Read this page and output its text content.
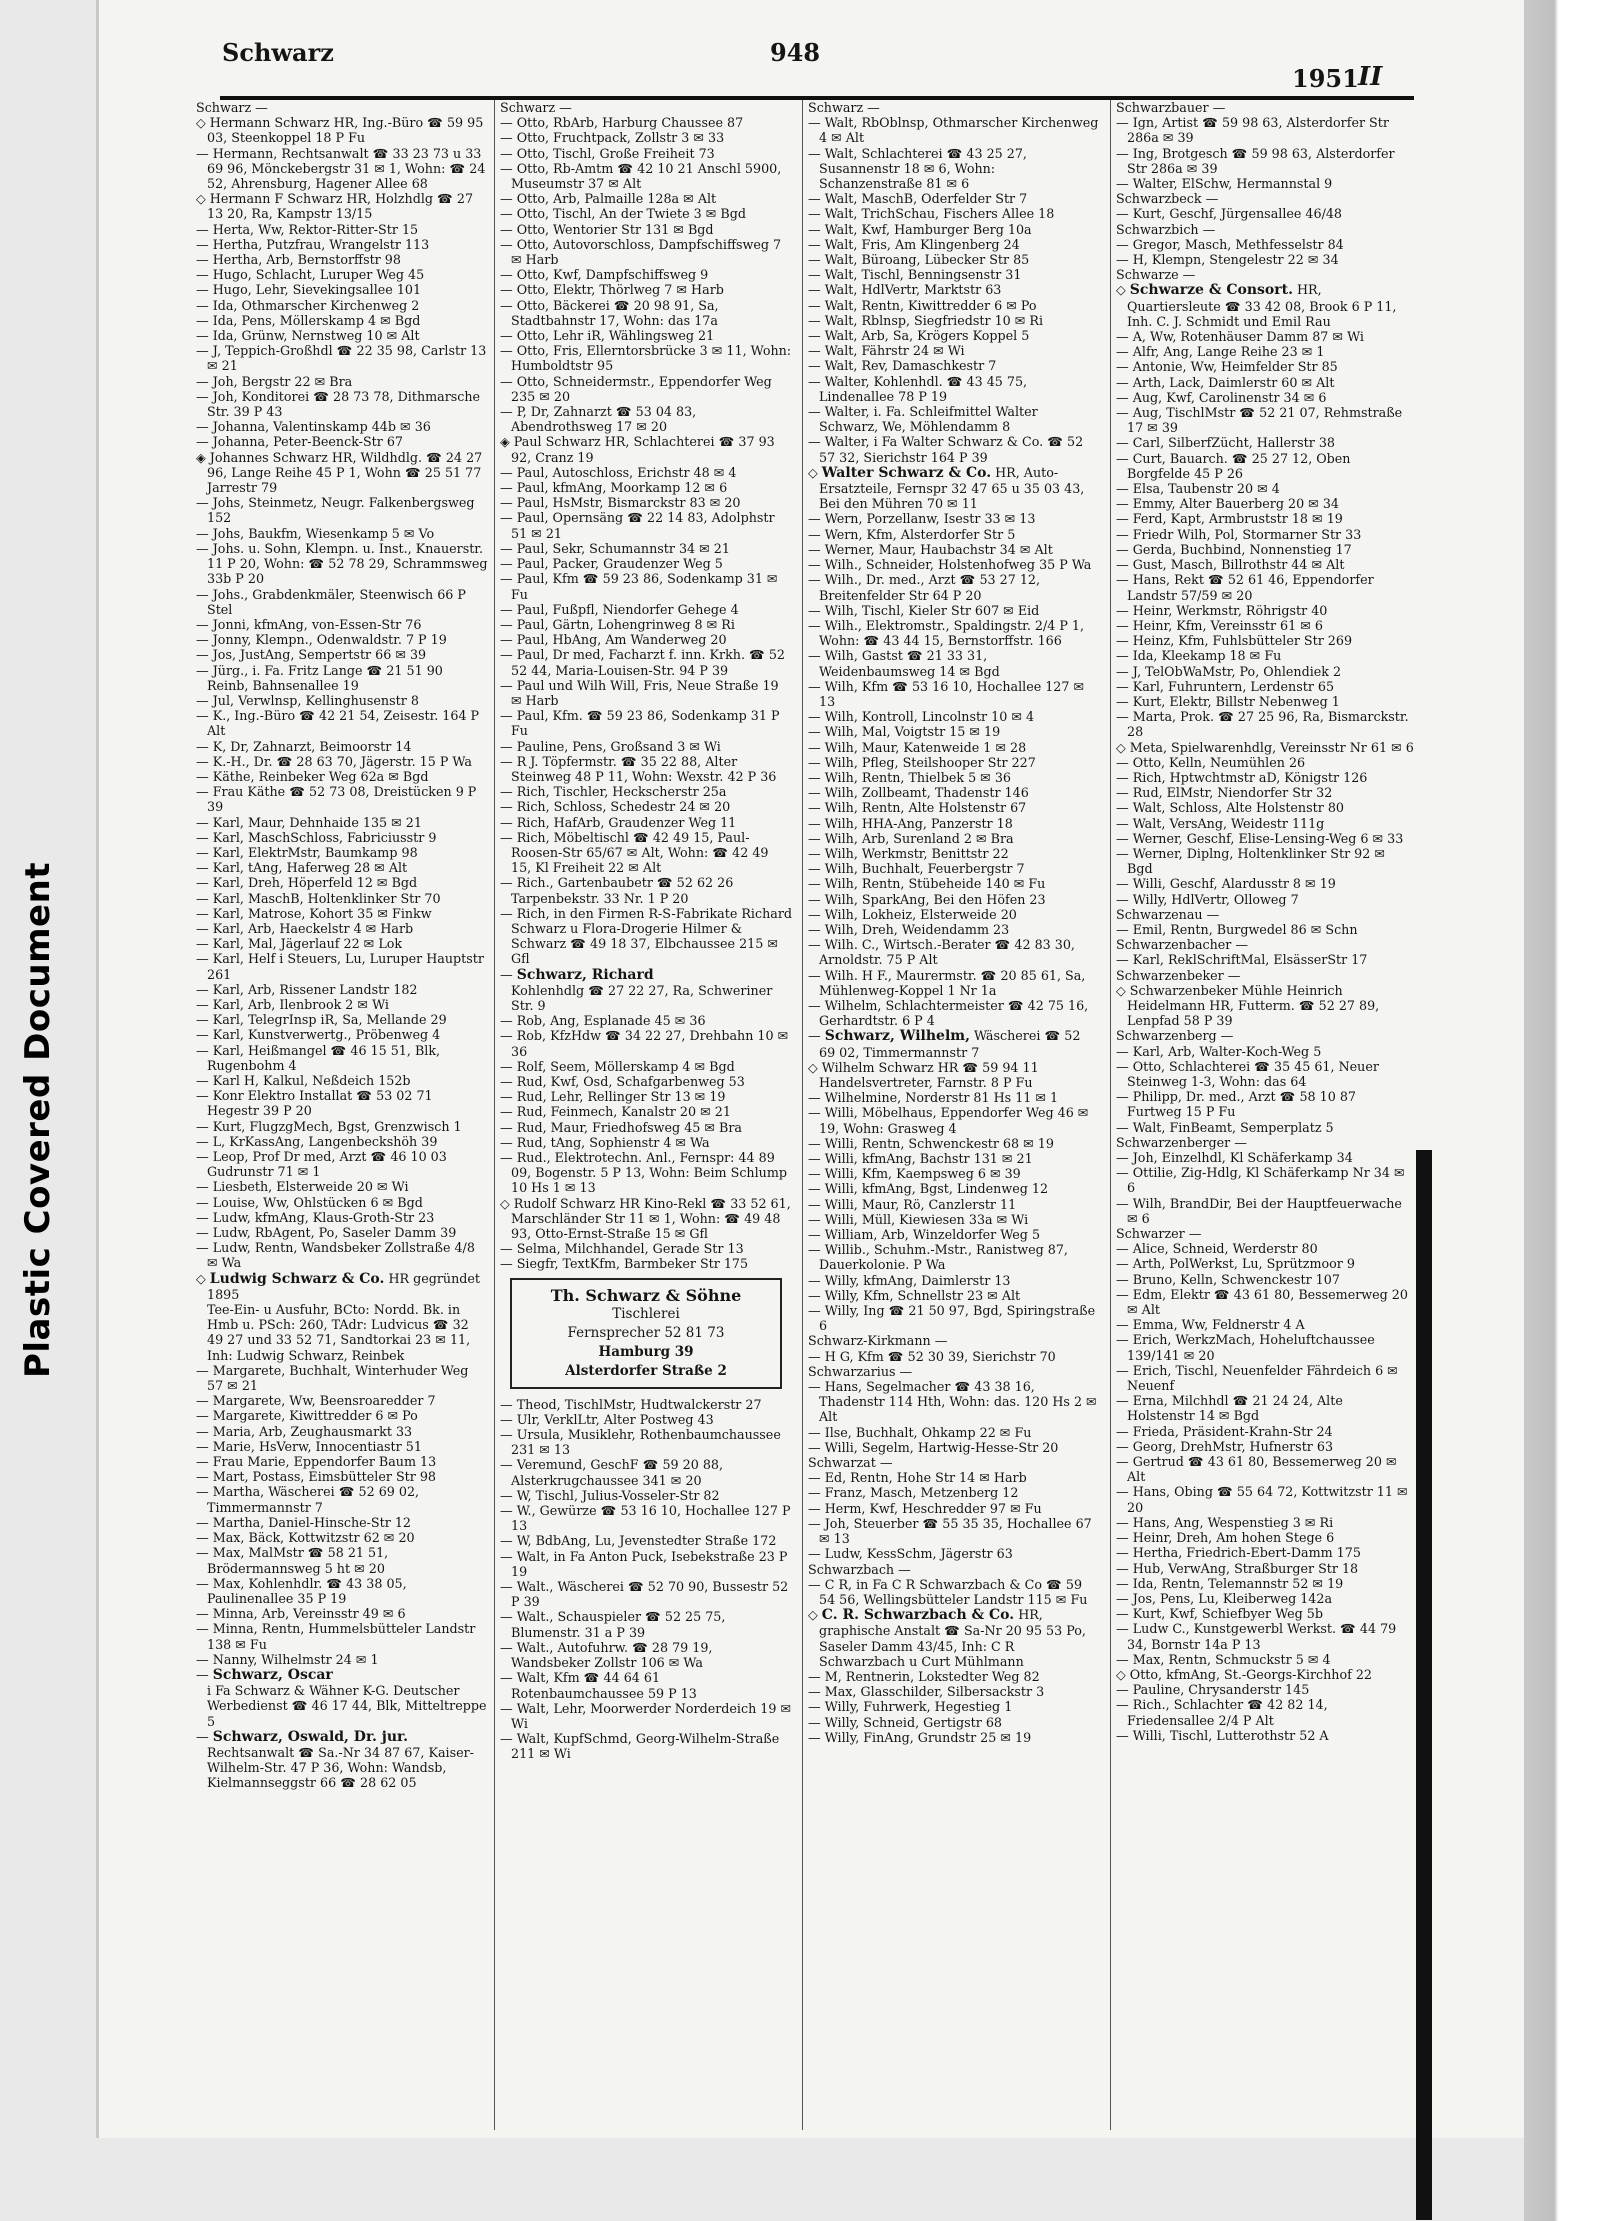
Plastic Covered Document
Schwarz	948
1951 II

Schwarz —

◇ Hermann Schwarz HR, Ing.-Büro ☎ 59 95 03, Steenkoppel 18 P Fu

— Hermann, Rechtsanwalt ☎ 33 23 73 u 33 69 96, Mönckebergstr 31 ✉ 1, Wohn: ☎ 24 52, Ahrensburg, Hagener Allee 68

◇ Hermann F Schwarz HR, Holzhdlg ☎ 27 13 20, Ra, Kampstr 13/15

— Herta, Ww, Rektor-Ritter-Str 15

— Hertha, Putzfrau, Wrangelstr 113

— Hertha, Arb, Bernstorffstr 98

— Hugo, Schlacht, Luruper Weg 45

— Hugo, Lehr, Sievekingsallee 101

— Ida, Othmarscher Kirchenweg 2

— Ida, Pens, Möllerskamp 4 ✉ Bgd

— Ida, Grünw, Nernstweg 10 ✉ Alt

— J, Teppich-Großhdl ☎ 22 35 98, Carlstr 13 ✉ 21

— Joh, Bergstr 22 ✉ Bra

— Joh, Konditorei ☎ 28 73 78, Dithmarsche Str. 39 P 43

— Johanna, Valentinskamp 44b ✉ 36

— Johanna, Peter-Beenck-Str 67

◈ Johannes Schwarz HR, Wildhdlg. ☎ 24 27 96, Lange Reihe 45 P 1, Wohn ☎ 25 51 77 Jarrestr 79

— Johs, Steinmetz, Neugr. Falkenbergsweg 152

— Johs, Baukfm, Wiesenkamp 5 ✉ Vo

— Johs. u. Sohn, Klempn. u. Inst., Knauerstr. 11 P 20, Wohn: ☎ 52 78 29, Schrammsweg 33b P 20

— Johs., Grabdenkmäler, Steenwisch 66 P Stel

— Jonni, kfmAng, von-Essen-Str 76

— Jonny, Klempn., Odenwaldstr. 7 P 19

— Jos, JustAng, Sempertstr 66 ✉ 39

— Jürg., i. Fa. Fritz Lange ☎ 21 51 90 Reinb, Bahnsenallee 19

— Jul, Verwlnsp, Kellinghusenstr 8

— K., Ing.-Büro ☎ 42 21 54, Zeisestr. 164 P Alt

— K, Dr, Zahnarzt, Beimoorstr 14

— K.-H., Dr. ☎ 28 63 70, Jägerstr. 15 P Wa

— Käthe, Reinbeker Weg 62a ✉ Bgd

— Frau Käthe ☎ 52 73 08, Dreistücken 9 P 39

— Karl, Maur, Dehnhaide 135 ✉ 21

— Karl, MaschSchloss, Fabriciusstr 9

— Karl, ElektrMstr, Baumkamp 98

— Karl, tAng, Haferweg 28 ✉ Alt

— Karl, Dreh, Höperfeld 12 ✉ Bgd

— Karl, MaschB, Holtenklinker Str 70

— Karl, Matrose, Kohort 35 ✉ Finkw

— Karl, Arb, Haeckelstr 4 ✉ Harb

— Karl, Mal, Jägerlauf 22 ✉ Lok

— Karl, Helf i Steuers, Lu, Luruper Hauptstr 261

— Karl, Arb, Rissener Landstr 182

— Karl, Arb, Ilenbrook 2 ✉ Wi

— Karl, TelegrInsp iR, Sa, Mellande 29

— Karl, Kunstverwertg., Pröbenweg 4

— Karl, Heißmangel ☎ 46 15 51, Blk, Rugenbohm 4

— Karl H, Kalkul, Neßdeich 152b

— Konr Elektro Installat ☎ 53 02 71 Hegestr 39 P 20

— Kurt, FlugzgMech, Bgst, Grenzwisch 1

— L, KrKassAng, Langenbeckshöh 39

— Leop, Prof Dr med, Arzt ☎ 46 10 03 Gudrunstr 71 ✉ 1

— Liesbeth, Elsterweide 20 ✉ Wi

— Louise, Ww, Ohlstücken 6 ✉ Bgd

— Ludw, kfmAng, Klaus-Groth-Str 23

— Ludw, RbAgent, Po, Saseler Damm 39

— Ludw, Rentn, Wandsbeker Zollstraße 4/8 ✉ Wa

◇ Ludwig Schwarz & Co. HR gegründet 1895

Tee-Ein- u Ausfuhr, BCto: Nordd. Bk. in Hmb u. PSch: 260, TAdr: Ludvicus ☎ 32 49 27 und 33 52 71, Sandtorkai 23 ✉ 11, Inh: Ludwig Schwarz, Reinbek

— Margarete, Buchhalt, Winterhuder Weg 57 ✉ 21

— Margarete, Ww, Beensroaredder 7

— Margarete, Kiwittredder 6 ✉ Po

— Maria, Arb, Zeughausmarkt 33

— Marie, HsVerw, Innocentiastr 51

— Frau Marie, Eppendorfer Baum 13

— Mart, Postass, Eimsbütteler Str 98

— Martha, Wäscherei ☎ 52 69 02, Timmermannstr 7

— Martha, Daniel-Hinsche-Str 12

— Max, Bäck, Kottwitzstr 62 ✉ 20

— Max, MalMstr ☎ 58 21 51, Brödermannsweg 5 ht ✉ 20

— Max, Kohlenhdlr. ☎ 43 38 05, Paulinenallee 35 P 19

— Minna, Arb, Vereinsstr 49 ✉ 6

— Minna, Rentn, Hummelsbütteler Landstr 138 ✉ Fu

— Nanny, Wilhelmstr 24 ✉ 1

— Schwarz, Oscar

i Fa Schwarz & Wähner K-G. Deutscher Werbedienst ☎ 46 17 44, Blk, Mitteltreppe 5

— Schwarz, Oswald, Dr. jur.

Rechtsanwalt ☎ Sa.-Nr 34 87 67, Kaiser-Wilhelm-Str. 47 P 36, Wohn: Wandsb, Kielmannseggstr 66 ☎ 28 62 05

Schwarz —

— Otto, RbArb, Harburg Chaussee 87

— Otto, Fruchtpack, Zollstr 3 ✉ 33

— Otto, Tischl, Große Freiheit 73

— Otto, Rb-Amtm ☎ 42 10 21 Anschl 5900, Museumstr 37 ✉ Alt

— Otto, Arb, Palmaille 128a ✉ Alt

— Otto, Tischl, An der Twiete 3 ✉ Bgd

— Otto, Wentorier Str 131 ✉ Bgd

— Otto, Autovorschloss, Dampfschiffsweg 7 ✉ Harb

— Otto, Kwf, Dampfschiffsweg 9

— Otto, Elektr, Thörlweg 7 ✉ Harb

— Otto, Bäckerei ☎ 20 98 91, Sa, Stadtbahnstr 17, Wohn: das 17a

— Otto, Lehr iR, Wählingsweg 21

— Otto, Fris, Ellerntorsbrücke 3 ✉ 11, Wohn: Humboldtstr 95

— Otto, Schneidermstr., Eppendorfer Weg 235 ✉ 20

— P, Dr, Zahnarzt ☎ 53 04 83, Abendrothsweg 17 ✉ 20

◈ Paul Schwarz HR, Schlachterei ☎ 37 93 92, Cranz 19

— Paul, Autoschloss, Erichstr 48 ✉ 4

— Paul, kfmAng, Moorkamp 12 ✉ 6

— Paul, HsMstr, Bismarckstr 83 ✉ 20

— Paul, Opernsäng ☎ 22 14 83, Adolphstr 51 ✉ 21

— Paul, Sekr, Schumannstr 34 ✉ 21

— Paul, Packer, Graudenzer Weg 5

— Paul, Kfm ☎ 59 23 86, Sodenkamp 31 ✉ Fu

— Paul, Fußpfl, Niendorfer Gehege 4

— Paul, Gärtn, Lohengrinweg 8 ✉ Ri

— Paul, HbAng, Am Wanderweg 20

— Paul, Dr med, Facharzt f. inn. Krkh. ☎ 52 52 44, Maria-Louisen-Str. 94 P 39

— Paul und Wilh Will, Fris, Neue Straße 19 ✉ Harb

— Paul, Kfm. ☎ 59 23 86, Sodenkamp 31 P Fu

— Pauline, Pens, Großsand 3 ✉ Wi

— R J. Töpfermstr. ☎ 35 22 88, Alter Steinweg 48 P 11, Wohn: Wexstr. 42 P 36

— Rich, Tischler, Heckscherstr 25a

— Rich, Schloss, Schedestr 24 ✉ 20

— Rich, HafArb, Graudenzer Weg 11

— Rich, Möbeltischl ☎ 42 49 15, Paul-Roosen-Str 65/67 ✉ Alt, Wohn: ☎ 42 49 15, Kl Freiheit 22 ✉ Alt

— Rich., Gartenbaubetr ☎ 52 62 26 Tarpenbekstr. 33 Nr. 1 P 20

— Rich, in den Firmen R-S-Fabrikate Richard Schwarz u Flora-Drogerie Hilmer & Schwarz ☎ 49 18 37, Elbchaussee 215 ✉ Gfl

— Schwarz, Richard

Kohlenhdlg ☎ 27 22 27, Ra, Schweriner Str. 9

— Rob, Ang, Esplanade 45 ✉ 36

— Rob, KfzHdw ☎ 34 22 27, Drehbahn 10 ✉ 36

— Rolf, Seem, Möllerskamp 4 ✉ Bgd

— Rud, Kwf, Osd, Schafgarbenweg 53

— Rud, Lehr, Rellinger Str 13 ✉ 19

— Rud, Feinmech, Kanalstr 20 ✉ 21

— Rud, Maur, Friedhofsweg 45 ✉ Bra

— Rud, tAng, Sophienstr 4 ✉ Wa

— Rud., Elektrotechn. Anl., Fernspr: 44 89 09, Bogenstr. 5 P 13, Wohn: Beim Schlump 10 Hs 1 ✉ 13

◇ Rudolf Schwarz HR Kino-Rekl ☎ 33 52 61, Marschländer Str 11 ✉ 1, Wohn: ☎ 49 48 93, Otto-Ernst-Straße 15 ✉ Gfl

— Selma, Milchhandel, Gerade Str 13

— Siegfr, TextKfm, Barmbeker Str 175

Th. Schwarz & Söhne
Tischlerei
Fernsprecher 52 81 73
Hamburg 39
Alsterdorfer Straße 2

— Theod, TischlMstr, Hudtwalckerstr 27

— Ulr, VerklLtr, Alter Postweg 43

— Ursula, Musiklehr, Rothenbaumchaussee 231 ✉ 13

— Veremund, GeschF ☎ 59 20 88, Alsterkrugchaussee 341 ✉ 20

— W, Tischl, Julius-Vosseler-Str 82

— W., Gewürze ☎ 53 16 10, Hochallee 127 P 13

— W, BdbAng, Lu, Jevenstedter Straße 172

— Walt, in Fa Anton Puck, Isebekstraße 23 P 19

— Walt., Wäscherei ☎ 52 70 90, Bussestr 52 P 39

— Walt., Schauspieler ☎ 52 25 75, Blumenstr. 31 a P 39

— Walt., Autofuhrw. ☎ 28 79 19, Wandsbeker Zollstr 106 ✉ Wa

— Walt, Kfm ☎ 44 64 61 Rotenbaumchaussee 59 P 13

— Walt, Lehr, Moorwerder Norderdeich 19 ✉ Wi

— Walt, KupfSchmd, Georg-Wilhelm-Straße 211 ✉ Wi

Schwarz —

— Walt, RbOblnsp, Othmarscher Kirchenweg 4 ✉ Alt

— Walt, Schlachterei ☎ 43 25 27, Susannenstr 18 ✉ 6, Wohn: Schanzenstraße 81 ✉ 6

— Walt, MaschB, Oderfelder Str 7

— Walt, TrichSchau, Fischers Allee 18

— Walt, Kwf, Hamburger Berg 10a

— Walt, Fris, Am Klingenberg 24

— Walt, Büroang, Lübecker Str 85

— Walt, Tischl, Benningsenstr 31

— Walt, HdlVertr, Marktstr 63

— Walt, Rentn, Kiwittredder 6 ✉ Po

— Walt, Rblnsp, Siegfriedstr 10 ✉ Ri

— Walt, Arb, Sa, Krögers Koppel 5

— Walt, Fährstr 24 ✉ Wi

— Walt, Rev, Damaschkestr 7

— Walter, Kohlenhdl. ☎ 43 45 75, Lindenallee 78 P 19

— Walter, i. Fa. Schleifmittel Walter Schwarz, We, Möhlendamm 8

— Walter, i Fa Walter Schwarz & Co. ☎ 52 57 32, Sierichstr 164 P 39

◇ Walter Schwarz & Co. HR, Auto-Ersatzteile, Fernspr 32 47 65 u 35 03 43, Bei den Mühren 70 ✉ 11

— Wern, Porzellanw, Isestr 33 ✉ 13

— Wern, Kfm, Alsterdorfer Str 5

— Werner, Maur, Haubachstr 34 ✉ Alt

— Wilh., Schneider, Holstenhofweg 35 P Wa

— Wilh., Dr. med., Arzt ☎ 53 27 12, Breitenfelder Str 64 P 20

— Wilh, Tischl, Kieler Str 607 ✉ Eid

— Wilh., Elektromstr., Spaldingstr. 2/4 P 1, Wohn: ☎ 43 44 15, Bernstorffstr. 166

— Wilh, Gastst ☎ 21 33 31, Weidenbaumsweg 14 ✉ Bgd

— Wilh, Kfm ☎ 53 16 10, Hochallee 127 ✉ 13

— Wilh, Kontroll, Lincolnstr 10 ✉ 4

— Wilh, Mal, Voigtstr 15 ✉ 19

— Wilh, Maur, Katenweide 1 ✉ 28

— Wilh, Pfleg, Steilshooper Str 227

— Wilh, Rentn, Thielbek 5 ✉ 36

— Wilh, Zollbeamt, Thadenstr 146

— Wilh, Rentn, Alte Holstenstr 67

— Wilh, HHA-Ang, Panzerstr 18

— Wilh, Arb, Surenland 2 ✉ Bra

— Wilh, Werkmstr, Benittstr 22

— Wilh, Buchhalt, Feuerbergstr 7

— Wilh, Rentn, Stübeheide 140 ✉ Fu

— Wilh, SparkAng, Bei den Höfen 23

— Wilh, Lokheiz, Elsterweide 20

— Wilh, Dreh, Weidendamm 23

— Wilh. C., Wirtsch.-Berater ☎ 42 83 30, Arnoldstr. 75 P Alt

— Wilh. H F., Maurermstr. ☎ 20 85 61, Sa, Mühlenweg-Koppel 1 Nr 1a

— Wilhelm, Schlachtermeister ☎ 42 75 16, Gerhardtstr. 6 P 4

— Schwarz, Wilhelm, Wäscherei ☎ 52 69 02, Timmermannstr 7

◇ Wilhelm Schwarz HR ☎ 59 94 11 Handelsvertreter, Farnstr. 8 P Fu

— Wilhelmine, Norderstr 81 Hs 11 ✉ 1

— Willi, Möbelhaus, Eppendorfer Weg 46 ✉ 19, Wohn: Grasweg 4

— Willi, Rentn, Schwenckestr 68 ✉ 19

— Willi, kfmAng, Bachstr 131 ✉ 21

— Willi, Kfm, Kaempsweg 6 ✉ 39

— Willi, kfmAng, Bgst, Lindenweg 12

— Willi, Maur, Rö, Canzlerstr 11

— Willi, Müll, Kiewiesen 33a ✉ Wi

— William, Arb, Winzeldorfer Weg 5

— Willib., Schuhm.-Mstr., Ranistweg 87, Dauerkolonie. P Wa

— Willy, kfmAng, Daimlerstr 13

— Willy, Kfm, Schnellstr 23 ✉ Alt

— Willy, Ing ☎ 21 50 97, Bgd, Spiringstraße 6

Schwarz-Kirkmann —

— H G, Kfm ☎ 52 30 39, Sierichstr 70

Schwarzarius —

— Hans, Segelmacher ☎ 43 38 16, Thadenstr 114 Hth, Wohn: das. 120 Hs 2 ✉ Alt

— Ilse, Buchhalt, Ohkamp 22 ✉ Fu

— Willi, Segelm, Hartwig-Hesse-Str 20

Schwarzat —

— Ed, Rentn, Hohe Str 14 ✉ Harb

— Franz, Masch, Metzenberg 12

— Herm, Kwf, Heschredder 97 ✉ Fu

— Joh, Steuerber ☎ 55 35 35, Hochallee 67 ✉ 13

— Ludw, KessSchm, Jägerstr 63

Schwarzbach —

— C R, in Fa C R Schwarzbach & Co ☎ 59 54 56, Wellingsbütteler Landstr 115 ✉ Fu

◇ C. R. Schwarzbach & Co. HR, graphische Anstalt ☎ Sa-Nr 20 95 53 Po, Saseler Damm 43/45, Inh: C R Schwarzbach u Curt Mühlmann

— M, Rentnerin, Lokstedter Weg 82

— Max, Glasschilder, Silbersackstr 3

— Willy, Fuhrwerk, Hegestieg 1

— Willy, Schneid, Gertigstr 68

— Willy, FinAng, Grundstr 25 ✉ 19

Schwarzbauer —

— Ign, Artist ☎ 59 98 63, Alsterdorfer Str 286a ✉ 39

— Ing, Brotgesch ☎ 59 98 63, Alsterdorfer Str 286a ✉ 39

— Walter, ElSchw, Hermannstal 9

Schwarzbeck —

— Kurt, Geschf, Jürgensallee 46/48

Schwarzbich —

— Gregor, Masch, Methfesselstr 84

— H, Klempn, Stengelestr 22 ✉ 34

Schwarze —

◇ Schwarze & Consort. HR, Quartiersleute ☎ 33 42 08, Brook 6 P 11, Inh. C. J. Schmidt und Emil Rau

— A, Ww, Rotenhäuser Damm 87 ✉ Wi

— Alfr, Ang, Lange Reihe 23 ✉ 1

— Antonie, Ww, Heimfelder Str 85

— Arth, Lack, Daimlerstr 60 ✉ Alt

— Aug, Kwf, Carolinenstr 34 ✉ 6

— Aug, TischlMstr ☎ 52 21 07, Rehmstraße 17 ✉ 39

— Carl, SilberfZücht, Hallerstr 38

— Curt, Bauarch. ☎ 25 27 12, Oben Borgfelde 45 P 26

— Elsa, Taubenstr 20 ✉ 4

— Emmy, Alter Bauerberg 20 ✉ 34

— Ferd, Kapt, Armbruststr 18 ✉ 19

— Friedr Wilh, Pol, Stormarner Str 33

— Gerda, Buchbind, Nonnenstieg 17

— Gust, Masch, Billrothstr 44 ✉ Alt

— Hans, Rekt ☎ 52 61 46, Eppendorfer Landstr 57/59 ✉ 20

— Heinr, Werkmstr, Röhrigstr 40

— Heinr, Kfm, Vereinsstr 61 ✉ 6

— Heinz, Kfm, Fuhlsbütteler Str 269

— Ida, Kleekamp 18 ✉ Fu

— J, TelObWaMstr, Po, Ohlendiek 2

— Karl, Fuhruntern, Lerdenstr 65

— Kurt, Elektr, Billstr Nebenweg 1

— Marta, Prok. ☎ 27 25 96, Ra, Bismarckstr. 28

◇ Meta, Spielwarenhdlg, Vereinsstr Nr 61 ✉ 6

— Otto, Kelln, Neumühlen 26

— Rich, Hptwchtmstr aD, Königstr 126

— Rud, ElMstr, Niendorfer Str 32

— Walt, Schloss, Alte Holstenstr 80

— Walt, VersAng, Weidestr 111g

— Werner, Geschf, Elise-Lensing-Weg 6 ✉ 33

— Werner, Diplng, Holtenklinker Str 92 ✉ Bgd

— Willi, Geschf, Alardusstr 8 ✉ 19

— Willy, HdlVertr, Olloweg 7

Schwarzenau —

— Emil, Rentn, Burgwedel 86 ✉ Schn

Schwarzenbacher —

— Karl, ReklSchriftMal, ElsässerStr 17

Schwarzenbeker —

◇ Schwarzenbeker Mühle Heinrich Heidelmann HR, Futterm. ☎ 52 27 89, Lenpfad 58 P 39

Schwarzenberg —

— Karl, Arb, Walter-Koch-Weg 5

— Otto, Schlachterei ☎ 35 45 61, Neuer Steinweg 1-3, Wohn: das 64

— Philipp, Dr. med., Arzt ☎ 58 10 87 Furtweg 15 P Fu

— Walt, FinBeamt, Semperplatz 5

Schwarzenberger —

— Joh, Einzelhdl, Kl Schäferkamp 34

— Ottilie, Zig-Hdlg, Kl Schäferkamp Nr 34 ✉ 6

— Wilh, BrandDir, Bei der Hauptfeuerwache ✉ 6

Schwarzer —

— Alice, Schneid, Werderstr 80

— Arth, PolWerkst, Lu, Sprützmoor 9

— Bruno, Kelln, Schwenckestr 107

— Edm, Elektr ☎ 43 61 80, Bessemerweg 20 ✉ Alt

— Emma, Ww, Feldnerstr 4 A

— Erich, WerkzMach, Hoheluftchaussee 139/141 ✉ 20

— Erich, Tischl, Neuenfelder Fährdeich 6 ✉ Neuenf

— Erna, Milchhdl ☎ 21 24 24, Alte Holstenstr 14 ✉ Bgd

— Frieda, Präsident-Krahn-Str 24

— Georg, DrehMstr, Hufnerstr 63

— Gertrud ☎ 43 61 80, Bessemerweg 20 ✉ Alt

— Hans, Obing ☎ 55 64 72, Kottwitzstr 11 ✉ 20

— Hans, Ang, Wespenstieg 3 ✉ Ri

— Heinr, Dreh, Am hohen Stege 6

— Hertha, Friedrich-Ebert-Damm 175

— Hub, VerwAng, Straßburger Str 18

— Ida, Rentn, Telemannstr 52 ✉ 19

— Jos, Pens, Lu, Kleiberweg 142a

— Kurt, Kwf, Schiefbyer Weg 5b

— Ludw C., Kunstgewerbl Werkst. ☎ 44 79 34, Bornstr 14a P 13

— Max, Rentn, Schmuckstr 5 ✉ 4

◇ Otto, kfmAng, St.-Georgs-Kirchhof 22

— Pauline, Chrysanderstr 145

— Rich., Schlachter ☎ 42 82 14, Friedensallee 2/4 P Alt

— Willi, Tischl, Lutterothstr 52 A
